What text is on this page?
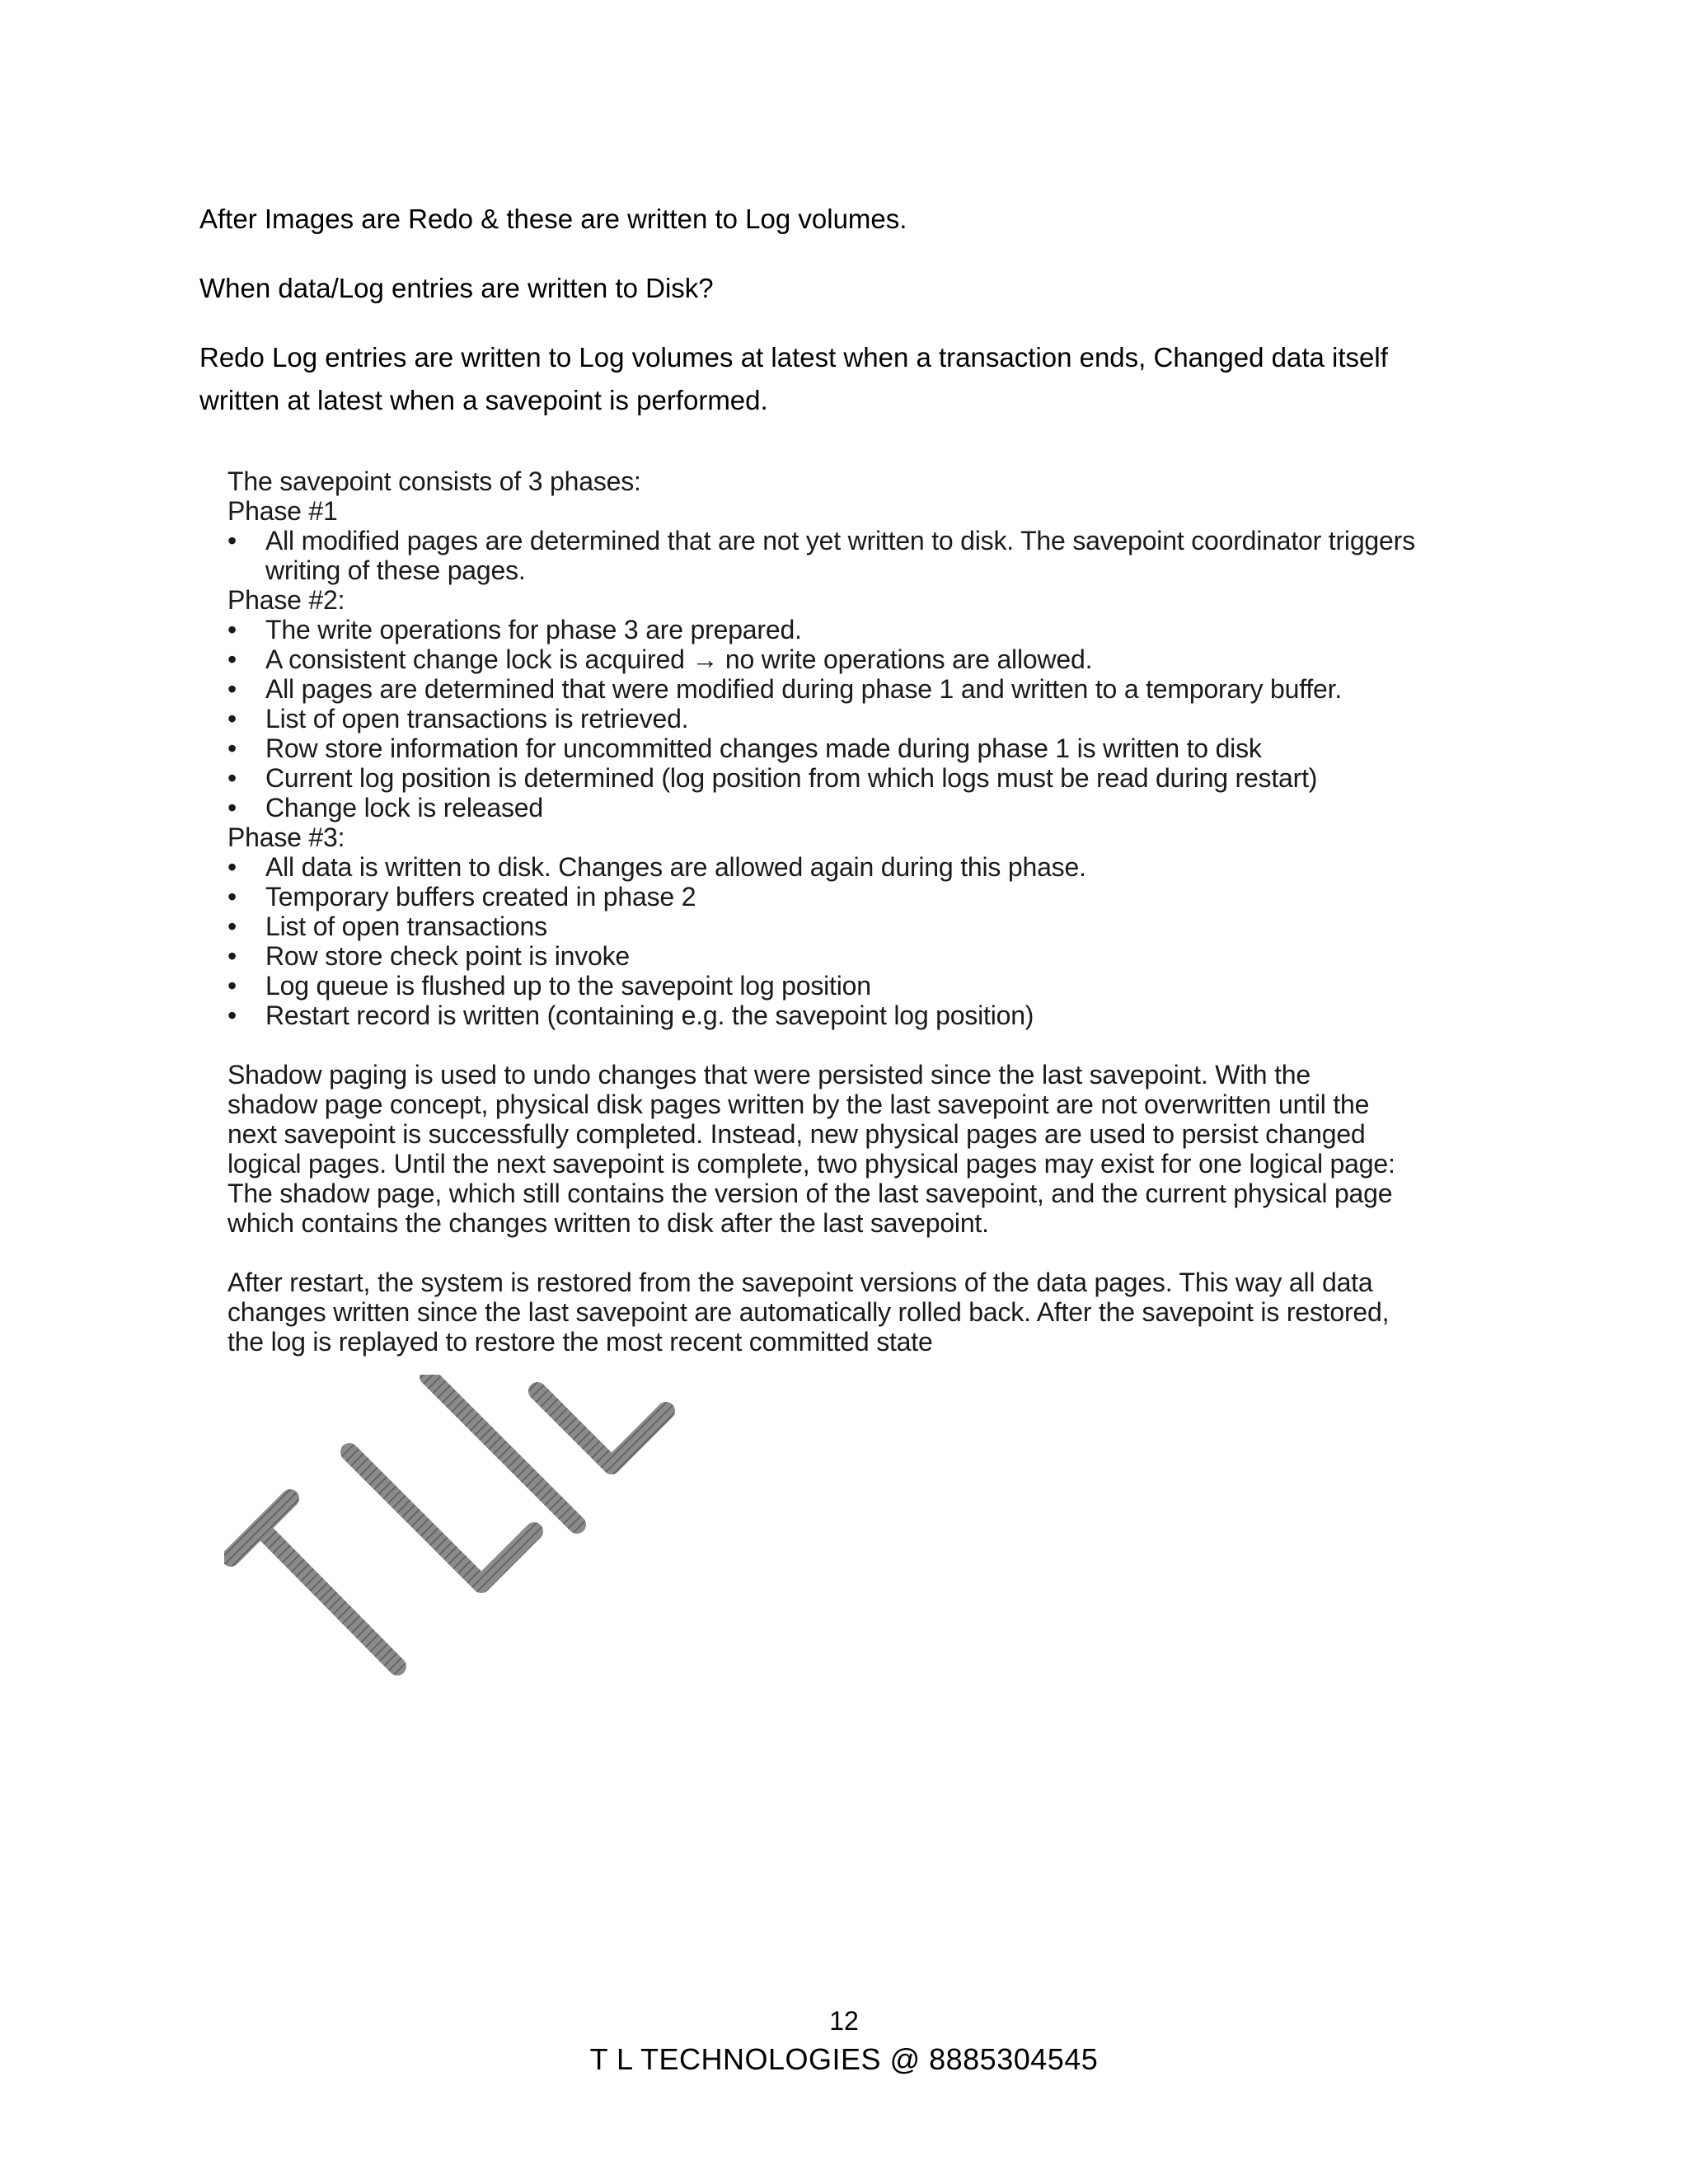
After Images are Redo & these are written to Log volumes.

When data/Log entries are written to Disk?

Redo Log entries are written to Log volumes at latest when a transaction ends, Changed data itself
written at latest when a savepoint is performed.

The savepoint consists of 3 phases:

Phase #1

•	All modified pages are determined that are not yet written to disk. The savepoint coordinator triggers writing of these pages.

Phase #2:

•	The write operations for phase 3 are prepared.
•	A consistent change lock is acquired → no write operations are allowed.
•	All pages are determined that were modified during phase 1 and written to a temporary buffer.
•	List of open transactions is retrieved.
•	Row store information for uncommitted changes made during phase 1 is written to disk
•	Current log position is determined (log position from which logs must be read during restart)
•	Change lock is released

Phase #3:

•	All data is written to disk. Changes are allowed again during this phase.
•	Temporary buffers created in phase 2
•	List of open transactions
•	Row store check point is invoke
•	Log queue is flushed up to the savepoint log position
•	Restart record is written (containing e.g. the savepoint log position)

Shadow paging is used to undo changes that were persisted since the last savepoint. With the

shadow page concept, physical disk pages written by the last savepoint are not overwritten until the

next savepoint is successfully completed. Instead, new physical pages are used to persist changed

logical pages. Until the next savepoint is complete, two physical pages may exist for one logical page:

The shadow page, which still contains the version of the last savepoint, and the current physical page

which contains the changes written to disk after the last savepoint.

After restart, the system is restored from the savepoint versions of the data pages. This way all data

changes written since the last savepoint are automatically rolled back. After the savepoint is restored,

the log is replayed to restore the most recent committed state

12
T L TECHNOLOGIES @ 8885304545
